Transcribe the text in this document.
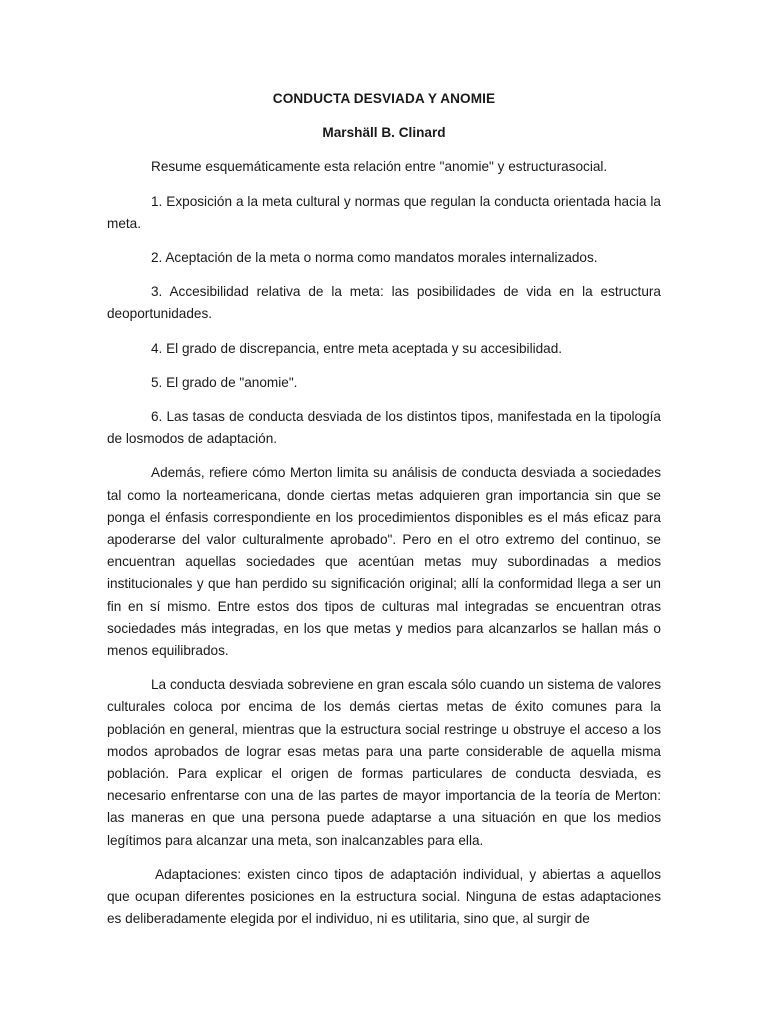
CONDUCTA DESVIADA Y ANOMIE

Marshäll B. Clinard

Resume esquemáticamente esta relación entre "anomie" y estructurasocial.

1. Exposición a la meta cultural y normas que regulan la conducta orientada hacia la meta.

2. Aceptación de la meta o norma como mandatos morales internalizados.

3. Accesibilidad relativa de la meta: las posibilidades de vida en la estructura deoportunidades.

4. El grado de discrepancia, entre meta aceptada y su accesibilidad.

5. El grado de "anomie".

6. Las tasas de conducta desviada de los distintos tipos, manifestada en la tipología de losmodos de adaptación.

Además, refiere cómo Merton limita su análisis de conducta desviada a sociedades tal como la norteamericana, donde ciertas metas adquieren gran importancia sin que se ponga el énfasis correspondiente en los procedimientos disponibles es el más eficaz para apoderarse del valor culturalmente aprobado". Pero en el otro extremo del continuo, se encuentran aquellas sociedades que acentúan metas muy subordinadas a medios institucionales y que han perdido su significación original; allí la conformidad llega a ser un fin en sí mismo. Entre estos dos tipos de culturas mal integradas se encuentran otras sociedades más integradas, en los que metas y medios para alcanzarlos se hallan más o menos equilibrados.

La conducta desviada sobreviene en gran escala sólo cuando un sistema de valores culturales coloca por encima de los demás ciertas metas de éxito comunes para la población en general, mientras que la estructura social restringe u obstruye el acceso a los modos aprobados de lograr esas metas para una parte considerable de aquella misma población. Para explicar el origen de formas particulares de conducta desviada, es necesario enfrentarse con una de las partes de mayor importancia de la teoría de Merton: las maneras en que una persona puede adaptarse a una situación en que los medios legítimos para alcanzar una meta, son inalcanzables para ella.

Adaptaciones: existen cinco tipos de adaptación individual, y abiertas a aquellos que ocupan diferentes posiciones en la estructura social. Ninguna de estas adaptaciones es deliberadamente elegida por el individuo, ni es utilitaria, sino que, al surgir de
